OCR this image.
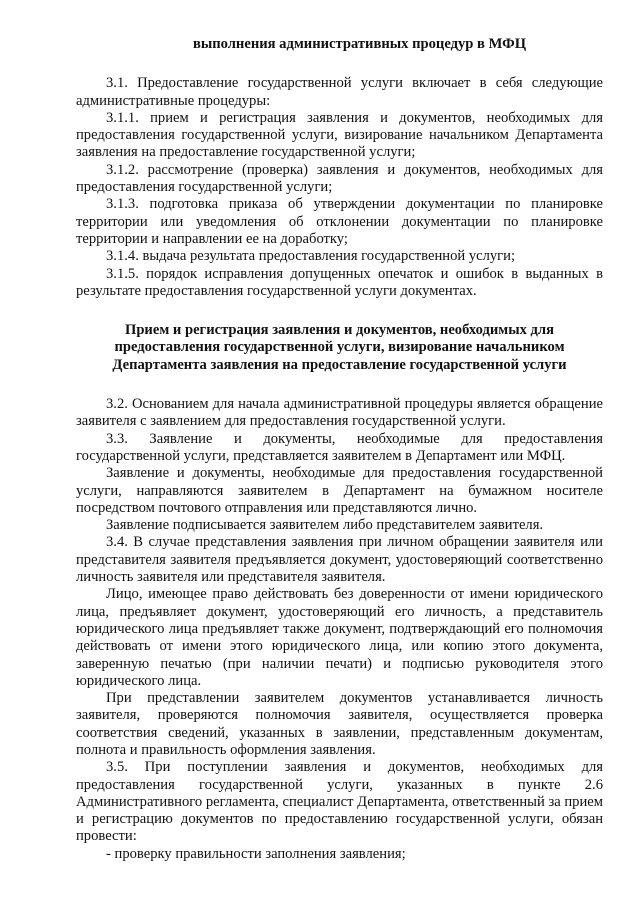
выполнения административных процедур в МФЦ

3.1. Предоставление государственной услуги включает в себя следующие административные процедуры:

3.1.1. прием и регистрация заявления и документов, необходимых для предоставления государственной услуги, визирование начальником Департамента заявления на предоставление государственной услуги;

3.1.2. рассмотрение (проверка) заявления и документов, необходимых для предоставления государственной услуги;

3.1.3. подготовка приказа об утверждении документации по планировке территории или уведомления об отклонении документации по планировке территории и направлении ее на доработку;

3.1.4. выдача результата предоставления государственной услуги;

3.1.5. порядок исправления допущенных опечаток и ошибок в выданных в результате предоставления государственной услуги документах.

Прием и регистрация заявления и документов, необходимых для предоставления государственной услуги, визирование начальником Департамента заявления на предоставление государственной услуги

3.2. Основанием для начала административной процедуры является обращение заявителя с заявлением для предоставления государственной услуги.

3.3. Заявление и документы, необходимые для предоставления государственной услуги, представляется заявителем в Департамент или МФЦ.

Заявление и документы, необходимые для предоставления государственной услуги, направляются заявителем в Департамент на бумажном носителе посредством почтового отправления или представляются лично.

Заявление подписывается заявителем либо представителем заявителя.

3.4. В случае представления заявления при личном обращении заявителя или представителя заявителя предъявляется документ, удостоверяющий соответственно личность заявителя или представителя заявителя.

Лицо, имеющее право действовать без доверенности от имени юридического лица, предъявляет документ, удостоверяющий его личность, а представитель юридического лица предъявляет также документ, подтверждающий его полномочия действовать от имени этого юридического лица, или копию этого документа, заверенную печатью (при наличии печати) и подписью руководителя этого юридического лица.

При представлении заявителем документов устанавливается личность заявителя, проверяются полномочия заявителя, осуществляется проверка соответствия сведений, указанных в заявлении, представленным документам, полнота и правильность оформления заявления.

3.5. При поступлении заявления и документов, необходимых для предоставления государственной услуги, указанных в пункте 2.6 Административного регламента, специалист Департамента, ответственный за прием и регистрацию документов по предоставлению государственной услуги, обязан провести:

- проверку правильности заполнения заявления;
